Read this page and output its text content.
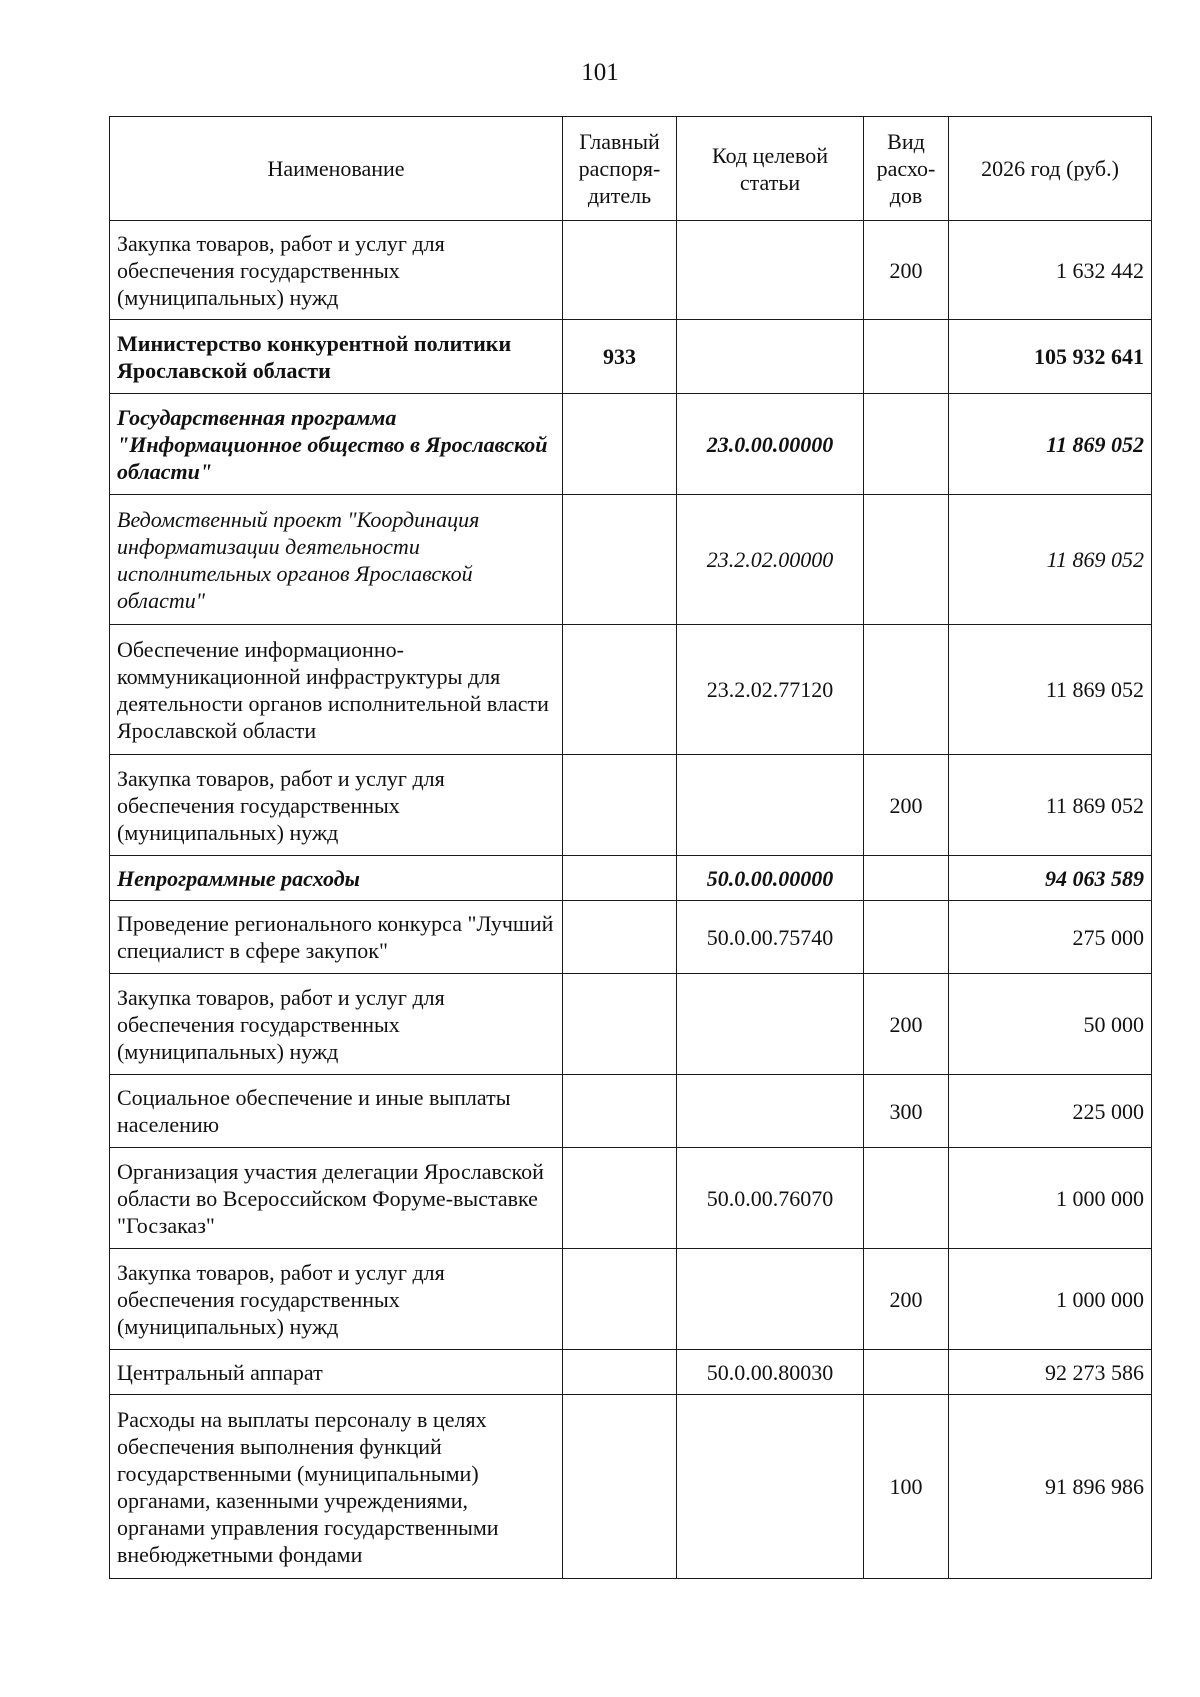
101
Наименование	Главный распоря-дитель	Код целевой статьи	Вид расхо-дов	2026 год (руб.)
Закупка товаров, работ и услуг для обеспечения государственных (муниципальных) нужд			200	1 632 442
Министерство конкурентной политики Ярославской области	933			105 932 641
Государственная программа "Информационное общество в Ярославской области"		23.0.00.00000		11 869 052
Ведомственный проект "Координация информатизации деятельности исполнительных органов Ярославской области"		23.2.02.00000		11 869 052
Обеспечение информационно-коммуникационной инфраструктуры для деятельности органов исполнительной власти Ярославской области		23.2.02.77120		11 869 052
Закупка товаров, работ и услуг для обеспечения государственных (муниципальных) нужд			200	11 869 052
Непрограммные расходы		50.0.00.00000		94 063 589
Проведение регионального конкурса "Лучший специалист в сфере закупок"		50.0.00.75740		275 000
Закупка товаров, работ и услуг для обеспечения государственных (муниципальных) нужд			200	50 000
Социальное обеспечение и иные выплаты населению			300	225 000
Организация участия делегации Ярославской области во Всероссийском Форуме-выставке "Госзаказ"		50.0.00.76070		1 000 000
Закупка товаров, работ и услуг для обеспечения государственных (муниципальных) нужд			200	1 000 000
Центральный аппарат		50.0.00.80030		92 273 586
Расходы на выплаты персоналу в целях обеспечения выполнения функций государственными (муниципальными) органами, казенными учреждениями, органами управления государственными внебюджетными фондами			100	91 896 986
